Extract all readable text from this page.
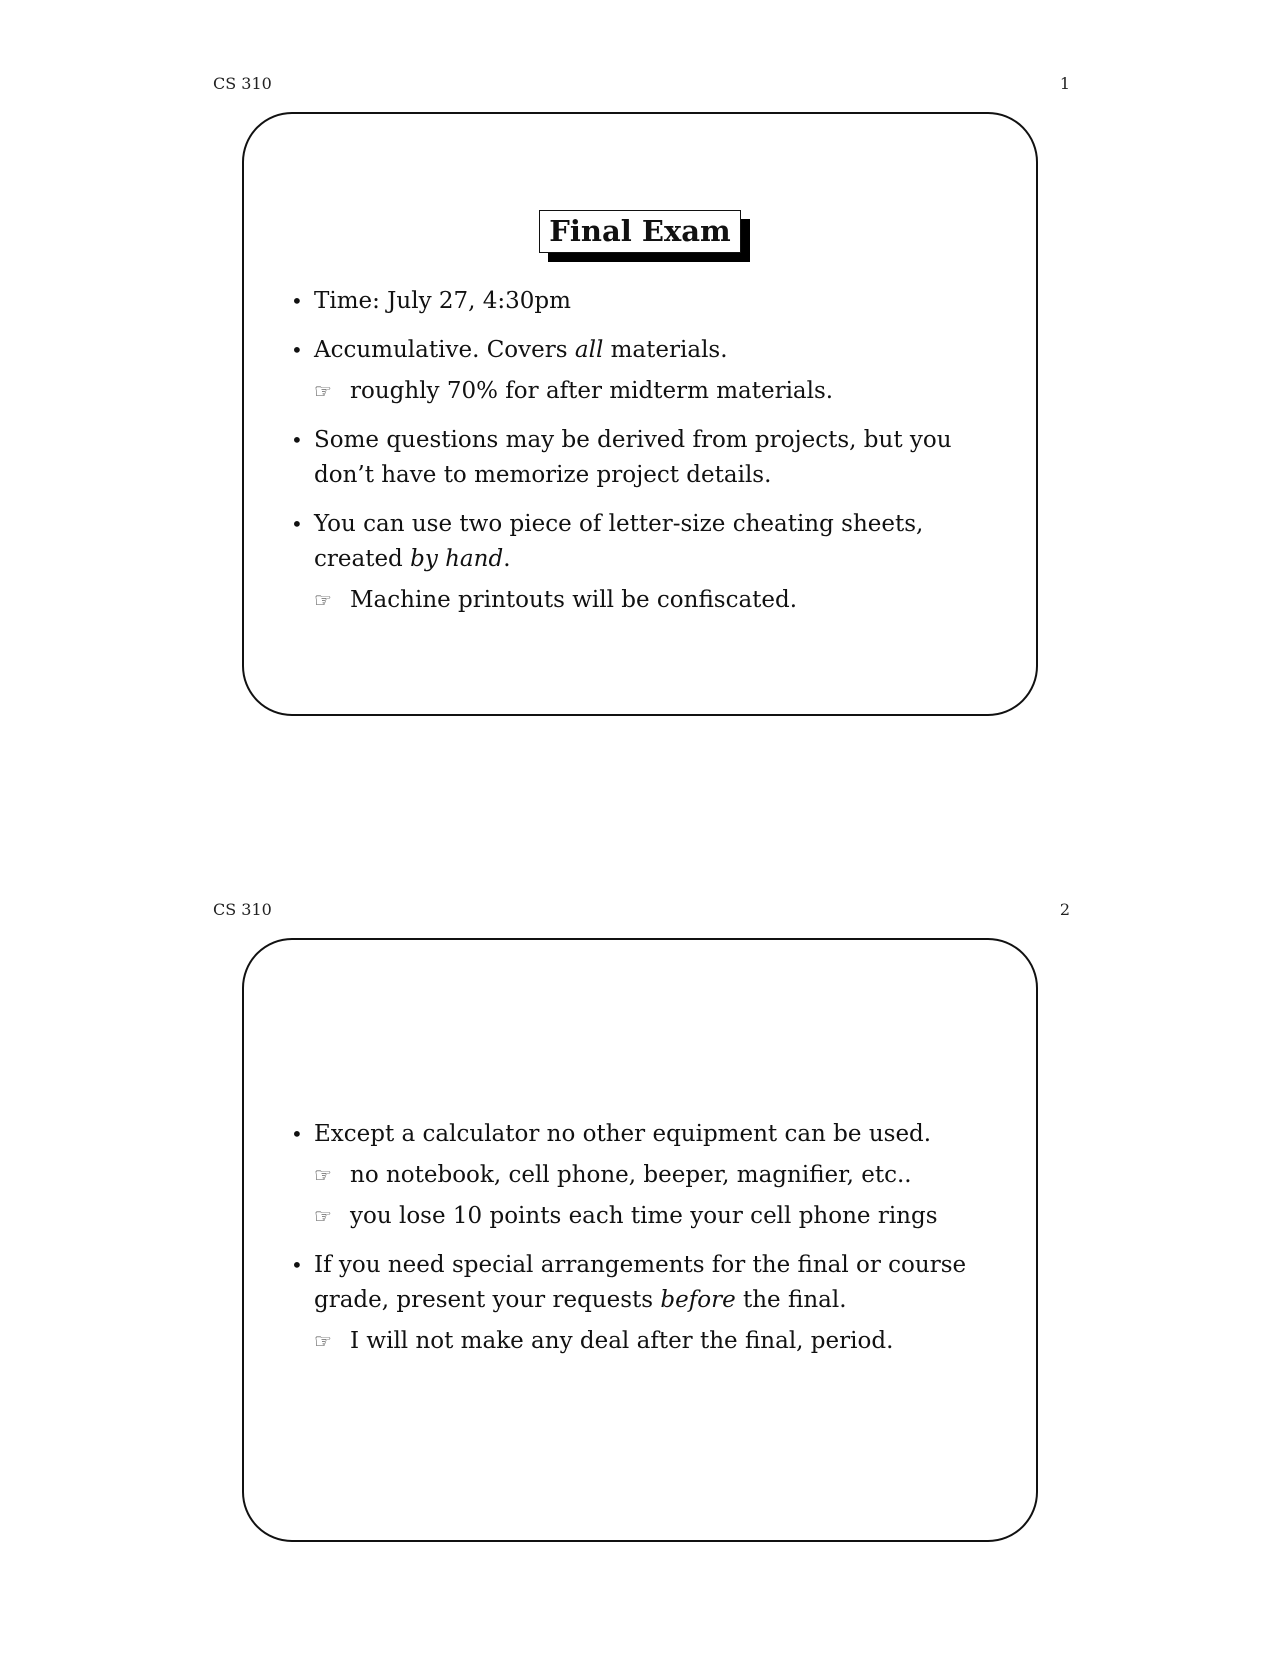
CS 310	1
Final Exam
• Time: July 27, 4:30pm
• Accumulative. Covers all materials.
☞ roughly 70% for after midterm materials.
• Some questions may be derived from projects, but you don’t have to memorize project details.
• You can use two piece of letter-size cheating sheets, created by hand.
☞ Machine printouts will be confiscated.
CS 310	2
• Except a calculator no other equipment can be used.
☞ no notebook, cell phone, beeper, magnifier, etc..
☞ you lose 10 points each time your cell phone rings
• If you need special arrangements for the final or course grade, present your requests before the final.
☞ I will not make any deal after the final, period.
